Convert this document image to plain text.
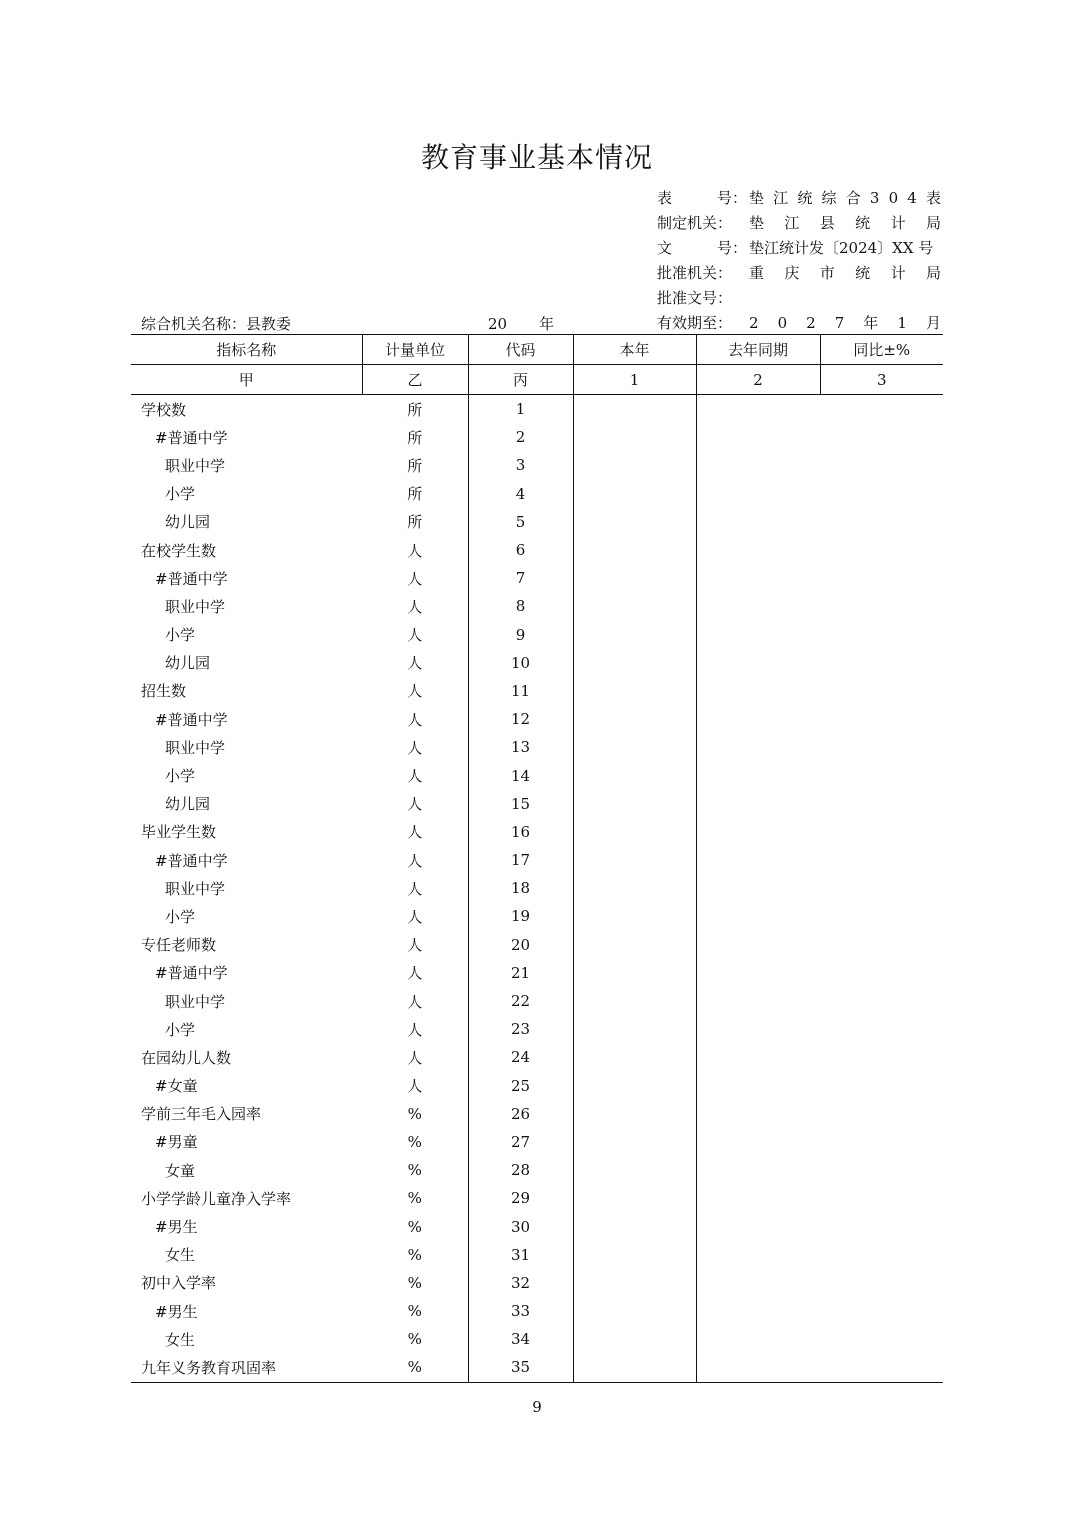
教育事业基本情况
表	号： 垫 江 统 综 合 3 0 4 表
制定机关： 垫 江 县 统 计 局
文	号： 垫江统计发〔2024〕XX 号
批准机关： 重 庆 市 统 计 局
批准文号：
有效期至： 2 0 2 7 年 1 月
综合机关名称：县教委	20 年
指标名称	计量单位	代码	本年	去年同期	同比±%
甲	乙	丙	1	2	3
学校数	所	1			
#普通中学	所	2			
职业中学	所	3			
小学	所	4			
幼儿园	所	5			
在校学生数	人	6			
#普通中学	人	7			
职业中学	人	8			
小学	人	9			
幼儿园	人	10			
招生数	人	11			
#普通中学	人	12			
职业中学	人	13			
小学	人	14			
幼儿园	人	15			
毕业学生数	人	16			
#普通中学	人	17			
职业中学	人	18			
小学	人	19			
专任老师数	人	20			
#普通中学	人	21			
职业中学	人	22			
小学	人	23			
在园幼儿人数	人	24			
#女童	人	25			
学前三年毛入园率	%	26			
#男童	%	27			
女童	%	28			
小学学龄儿童净入学率	%	29			
#男生	%	30			
女生	%	31			
初中入学率	%	32			
#男生	%	33			
女生	%	34			
九年义务教育巩固率	%	35			
9
